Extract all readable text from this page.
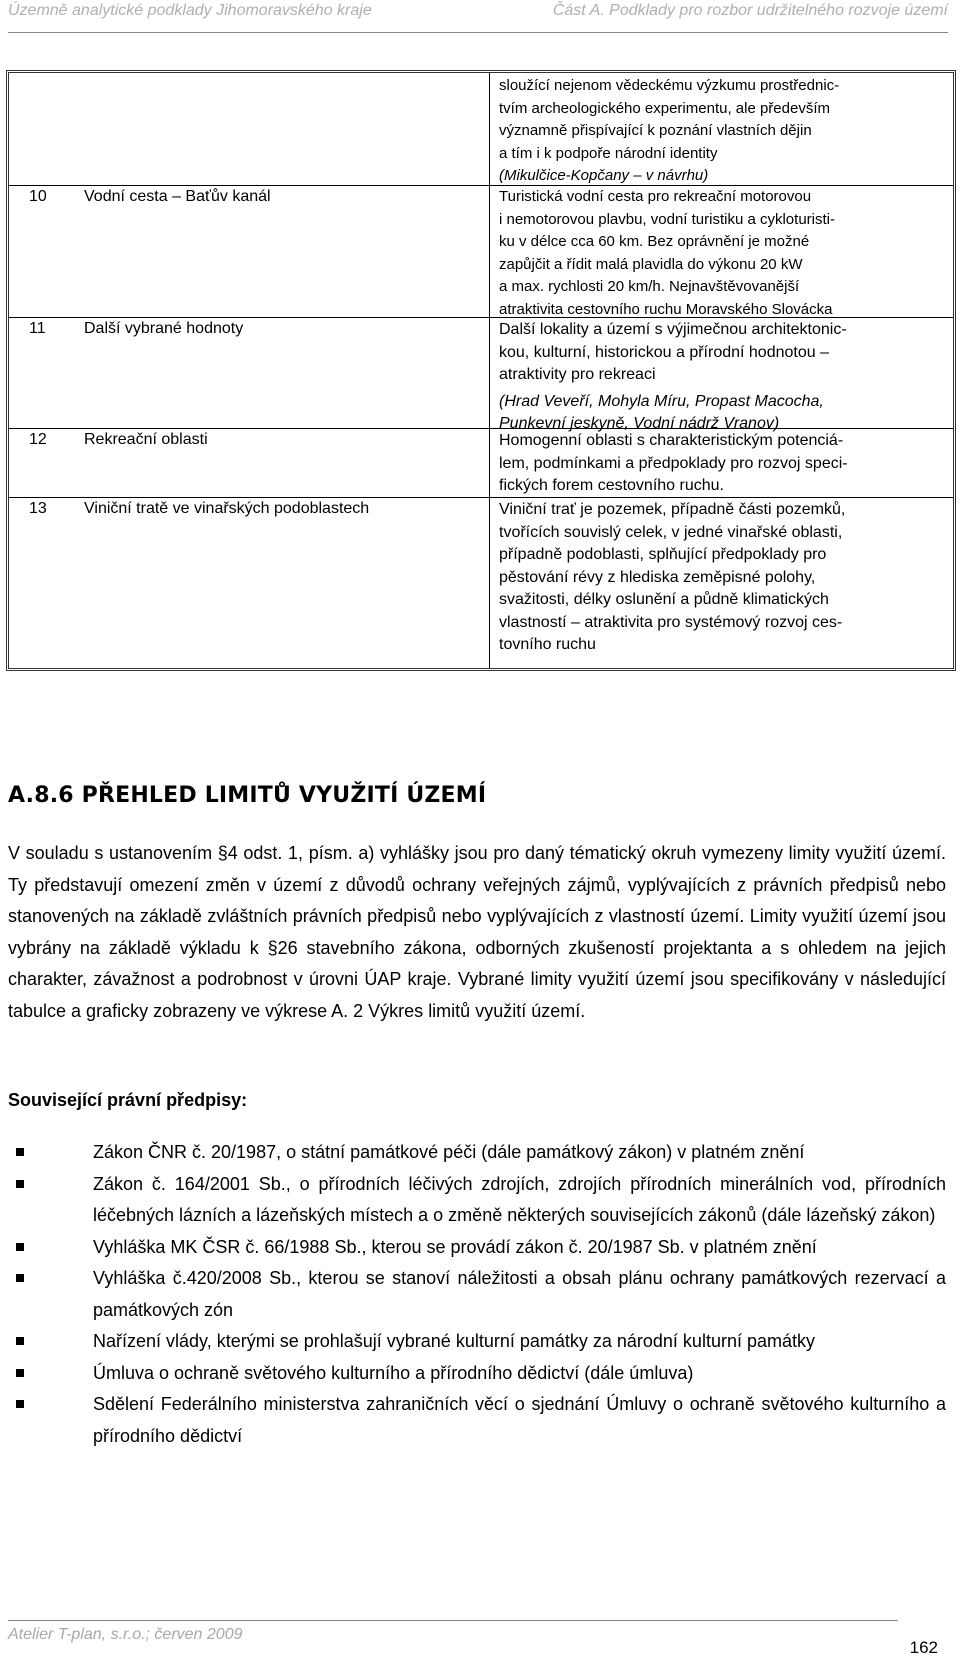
Územně analytické podklady Jihomoravského kraje	Část A. Podklady pro rozbor udržitelného rozvoje území
sloužící nejenom vědeckému výzkumu prostřednic-
tvím archeologického experimentu, ale především
významně přispívající k poznání vlastních dějin
a tím i k podpoře národní identity
(Mikulčice-Kopčany – v návrhu)
10 Vodní cesta – Baťův kanál	Turistická vodní cesta pro rekreační motorovou
i nemotorovou plavbu, vodní turistiku a cykloturisti-
ku v délce cca 60 km. Bez oprávnění je možné
zapůjčit a řídit malá plavidla do výkonu 20 kW
a max. rychlosti 20 km/h. Nejnavštěvovanější
atraktivita cestovního ruchu Moravského Slovácka
11 Další vybrané hodnoty	Další lokality a území s výjimečnou architektonic-
kou, kulturní, historickou a přírodní hodnotou –
atraktivity pro rekreaci
(Hrad Veveří, Mohyla Míru, Propast Macocha,
Punkevní jeskyně, Vodní nádrž Vranov)
12 Rekreační oblasti	Homogenní oblasti s charakteristickým potenciá-
lem, podmínkami a předpoklady pro rozvoj speci-
fických forem cestovního ruchu.
13 Viniční tratě ve vinařských podoblastech	Viniční trať je pozemek, případně části pozemků,
tvořících souvislý celek, v jedné vinařské oblasti,
případně podoblasti, splňující předpoklady pro
pěstování révy z hlediska zeměpisné polohy,
svažitosti, délky oslunění a půdně klimatických
vlastností – atraktivita pro systémový rozvoj ces-
tovního ruchu
A.8.6 PŘEHLED LIMITŮ VYUŽITÍ ÚZEMÍ
V souladu s ustanovením §4 odst. 1, písm. a) vyhlášky jsou pro daný tématický okruh vymezeny limity využití území. Ty představují omezení změn v území z důvodů ochrany veřejných zájmů, vyplývajících z právních předpisů nebo stanovených na základě zvláštních právních předpisů nebo vyplývajících z vlastností území. Limity využití území jsou vybrány na základě výkladu k §26 stavebního zákona, odborných zkušeností projektanta a s ohledem na jejich charakter, závažnost a podrobnost v úrovni ÚAP kraje. Vybrané limity využití území jsou specifikovány v následující tabulce a graficky zobrazeny ve výkrese A. 2 Výkres limitů využití území.
Související právní předpisy:
Zákon ČNR č. 20/1987, o státní památkové péči (dále památkový zákon) v platném znění
Zákon č. 164/2001 Sb., o přírodních léčivých zdrojích, zdrojích přírodních minerálních vod, přírodních léčebných lázních a lázeňských místech a o změně některých souvisejících zákonů (dále lázeňský zákon)
Vyhláška MK ČSR č. 66/1988 Sb., kterou se provádí zákon č. 20/1987 Sb. v platném znění
Vyhláška č.420/2008 Sb., kterou se stanoví náležitosti a obsah plánu ochrany památkových rezervací a památkových zón
Nařízení vlády, kterými se prohlašují vybrané kulturní památky za národní kulturní památky
Úmluva o ochraně světového kulturního a přírodního dědictví (dále úmluva)
Sdělení Federálního ministerstva zahraničních věcí o sjednání Úmluvy o ochraně světového kulturního a přírodního dědictví
Atelier T-plan, s.r.o.; červen 2009
162
